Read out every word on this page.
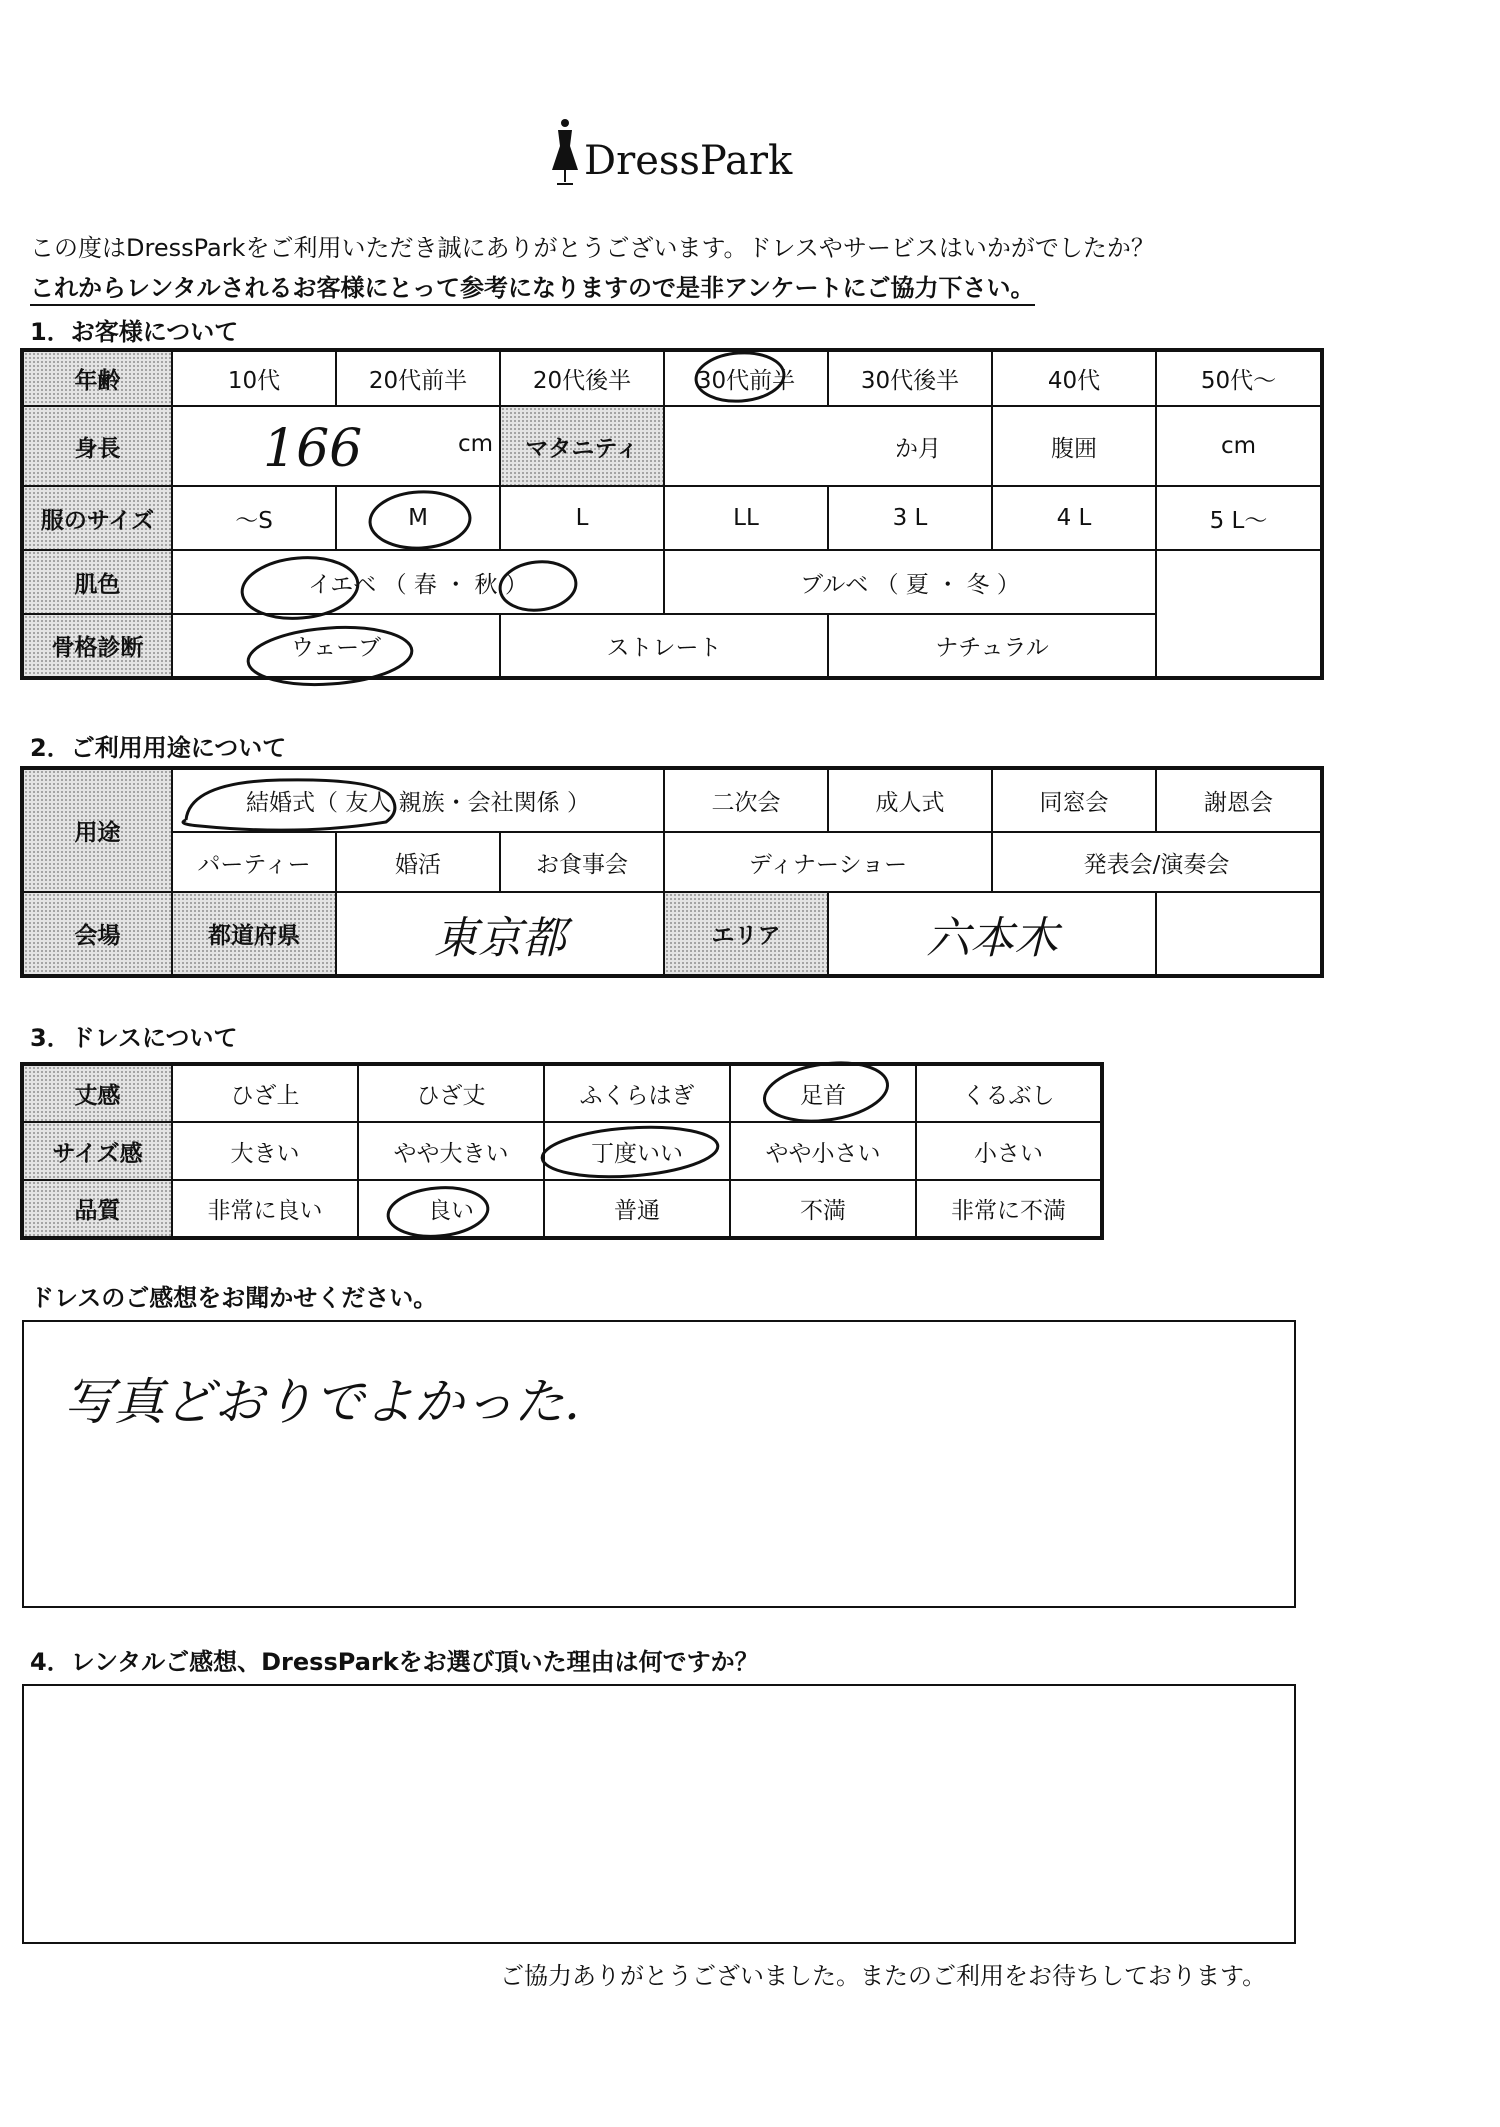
DressPark
この度はDressParkをご利用いただき誠にありがとうございます。ドレスやサービスはいかがでしたか？
これからレンタルされるお客様にとって参考になりますので是非アンケートにご協力下さい。
1．お客様について
年齢	10代	20代前半	20代後半	30代前半	30代後半	40代	50代～
身長	166 cm		マタニティ	か月		腹囲	cm
服のサイズ	～S	M	L	LL	3 L	4 L	5 L～
肌色	イエベ （ 春 ・ 秋 ）			ブルベ （ 夏 ・ 冬 ）			
骨格診断	ウェーブ		ストレート		ナチュラル		
2．ご利用用途について
用途	結婚式（ 友人 親族・会社関係 ）			二次会	成人式	同窓会	謝恩会
	パーティー	婚活	お食事会	ディナーショー		発表会/演奏会	
会場	都道府県	東京都		エリア	六本木		
3．ドレスについて
丈感	ひざ上	ひざ丈	ふくらはぎ	足首	くるぶし
サイズ感	大きい	やや大きい	丁度いい	やや小さい	小さい
品質	非常に良い	良い	普通	不満	非常に不満
ドレスのご感想をお聞かせください。
写真どおりでよかった.
4．レンタルご感想、DressParkをお選び頂いた理由は何ですか？
ご協力ありがとうございました。またのご利用をお待ちしております。
